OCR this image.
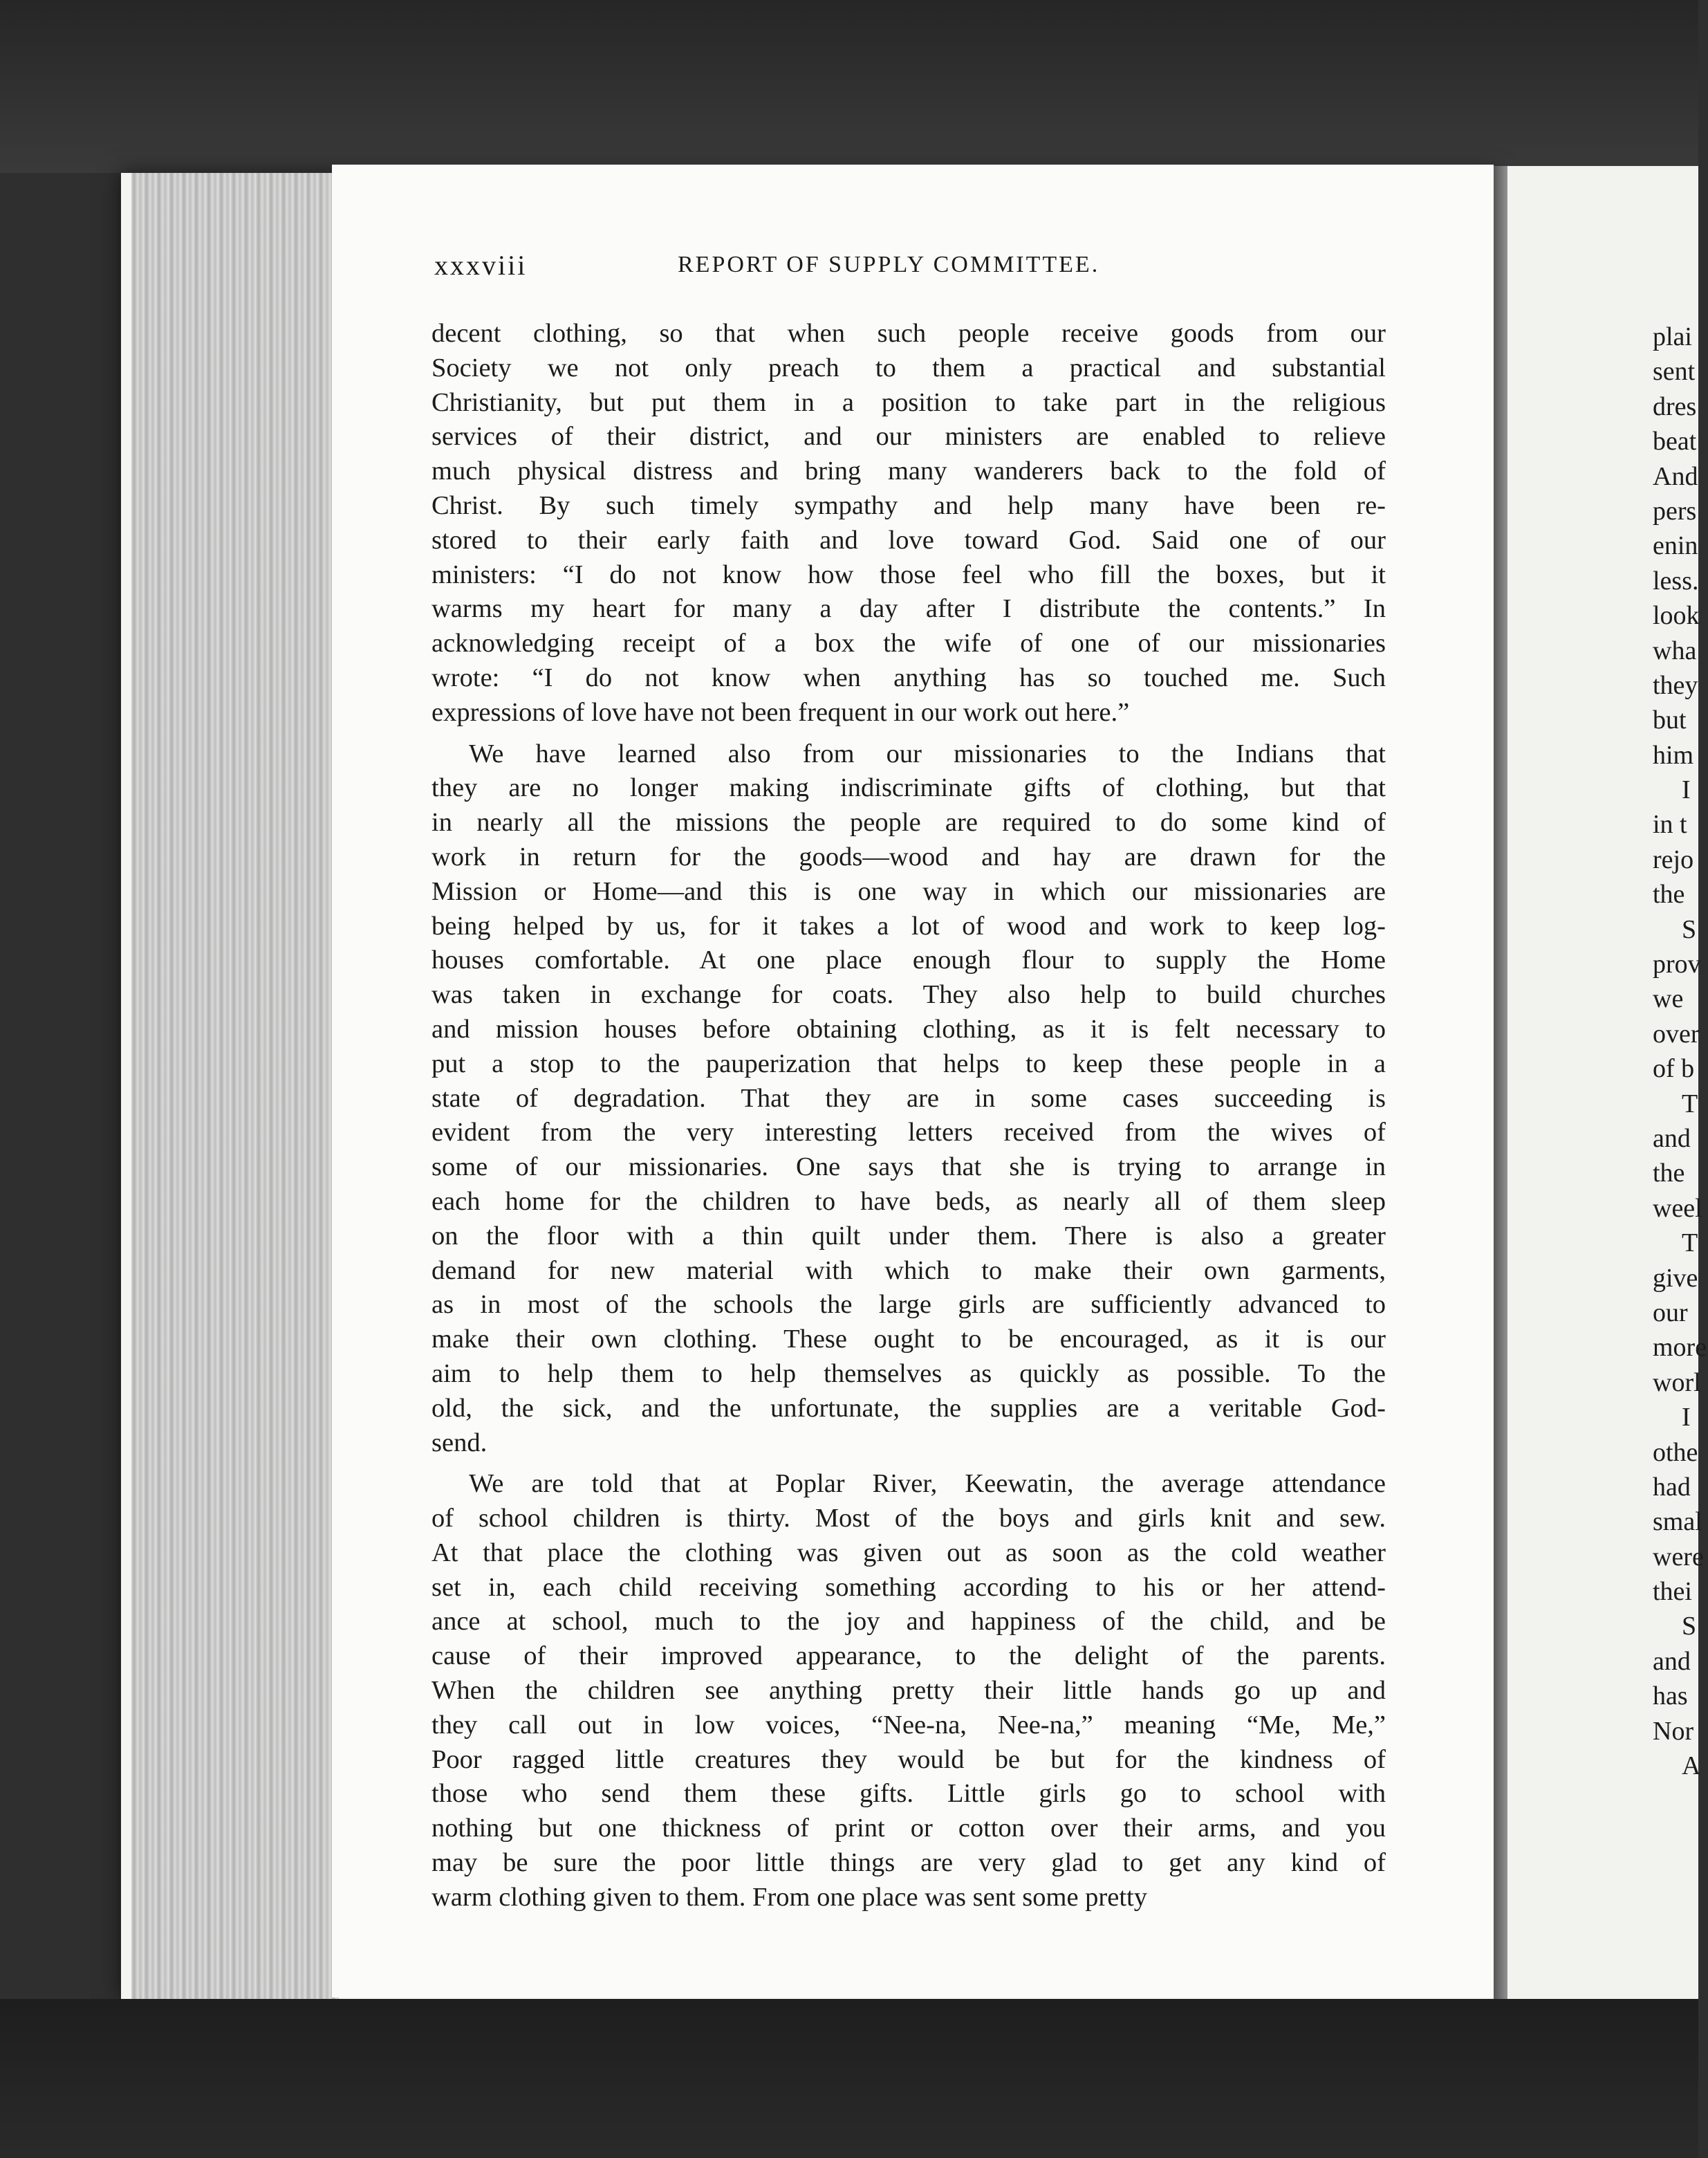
xxxviii	REPORT OF SUPPLY COMMITTEE.
decent clothing, so that when such people receive goods from our
Society we not only preach to them a practical and substantial
Christianity, but put them in a position to take part in the religious
services of their district, and our ministers are enabled to relieve
much physical distress and bring many wanderers back to the fold of
Christ. By such timely sympathy and help many have been re-
stored to their early faith and love toward God. Said one of our
ministers: “I do not know how those feel who fill the boxes, but it
warms my heart for many a day after I distribute the contents.” In
acknowledging receipt of a box the wife of one of our missionaries
wrote: “I do not know when anything has so touched me. Such
expressions of love have not been frequent in our work out here.”
We have learned also from our missionaries to the Indians that
they are no longer making indiscriminate gifts of clothing, but that
in nearly all the missions the people are required to do some kind of
work in return for the goods—wood and hay are drawn for the
Mission or Home—and this is one way in which our missionaries are
being helped by us, for it takes a lot of wood and work to keep log-
houses comfortable. At one place enough flour to supply the Home
was taken in exchange for coats. They also help to build churches
and mission houses before obtaining clothing, as it is felt necessary to
put a stop to the pauperization that helps to keep these people in a
state of degradation. That they are in some cases succeeding is
evident from the very interesting letters received from the wives of
some of our missionaries. One says that she is trying to arrange in
each home for the children to have beds, as nearly all of them sleep
on the floor with a thin quilt under them. There is also a greater
demand for new material with which to make their own garments,
as in most of the schools the large girls are sufficiently advanced to
make their own clothing. These ought to be encouraged, as it is our
aim to help them to help themselves as quickly as possible. To the
old, the sick, and the unfortunate, the supplies are a veritable God-
send.
We are told that at Poplar River, Keewatin, the average attendance
of school children is thirty. Most of the boys and girls knit and sew.
At that place the clothing was given out as soon as the cold weather
set in, each child receiving something according to his or her attend-
ance at school, much to the joy and happiness of the child, and be
cause of their improved appearance, to the delight of the parents.
When the children see anything pretty their little hands go up and
they call out in low voices, “Nee-na, Nee-na,” meaning “Me, Me,”
Poor ragged little creatures they would be but for the kindness of
those who send them these gifts. Little girls go to school with
nothing but one thickness of print or cotton over their arms, and you
may be sure the poor little things are very glad to get any kind of
warm clothing given to them. From one place was sent some pretty
plai
sent
dres
beat
And
pers
enin
less.
look
wha
they
but
him
I
in t
rejo
the
S
prov
we
over
of b
T
and
the
weel
T
give
our
more
worl
I
othe
had
smal
were
thei
S
and
has
Nor
A
